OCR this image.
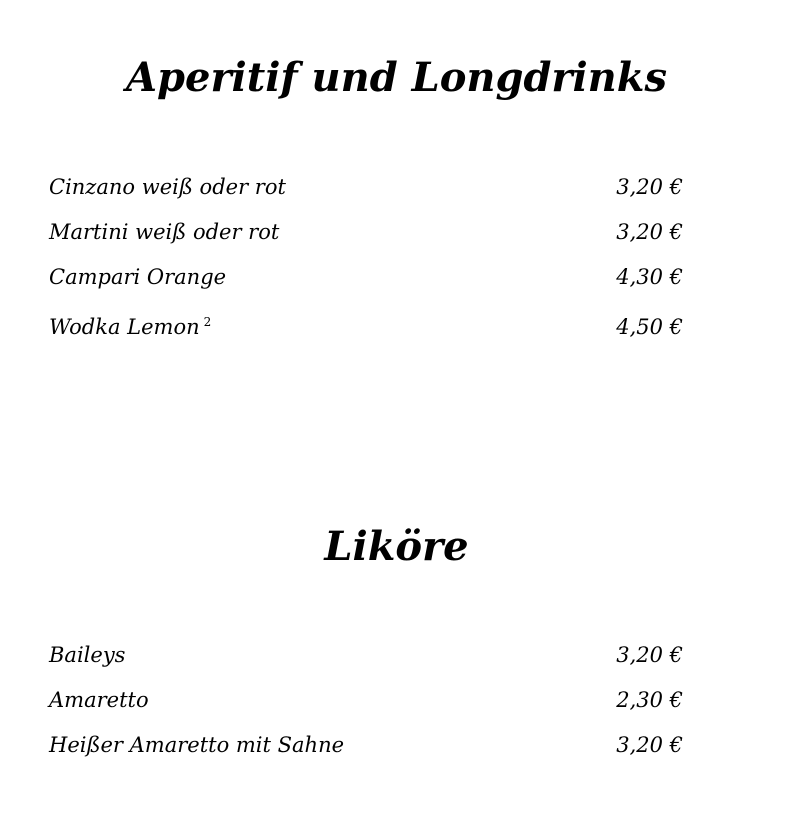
Aperitif und Longdrinks
Cinzano weiß oder rot	3,20 €
Martini weiß oder rot	3,20 €
Campari Orange	4,30 €
Wodka Lemon $^2$	4,50 €
Liköre
Baileys	3,20 €
Amaretto	2,30 €
Heißer Amaretto mit Sahne	3,20 €
